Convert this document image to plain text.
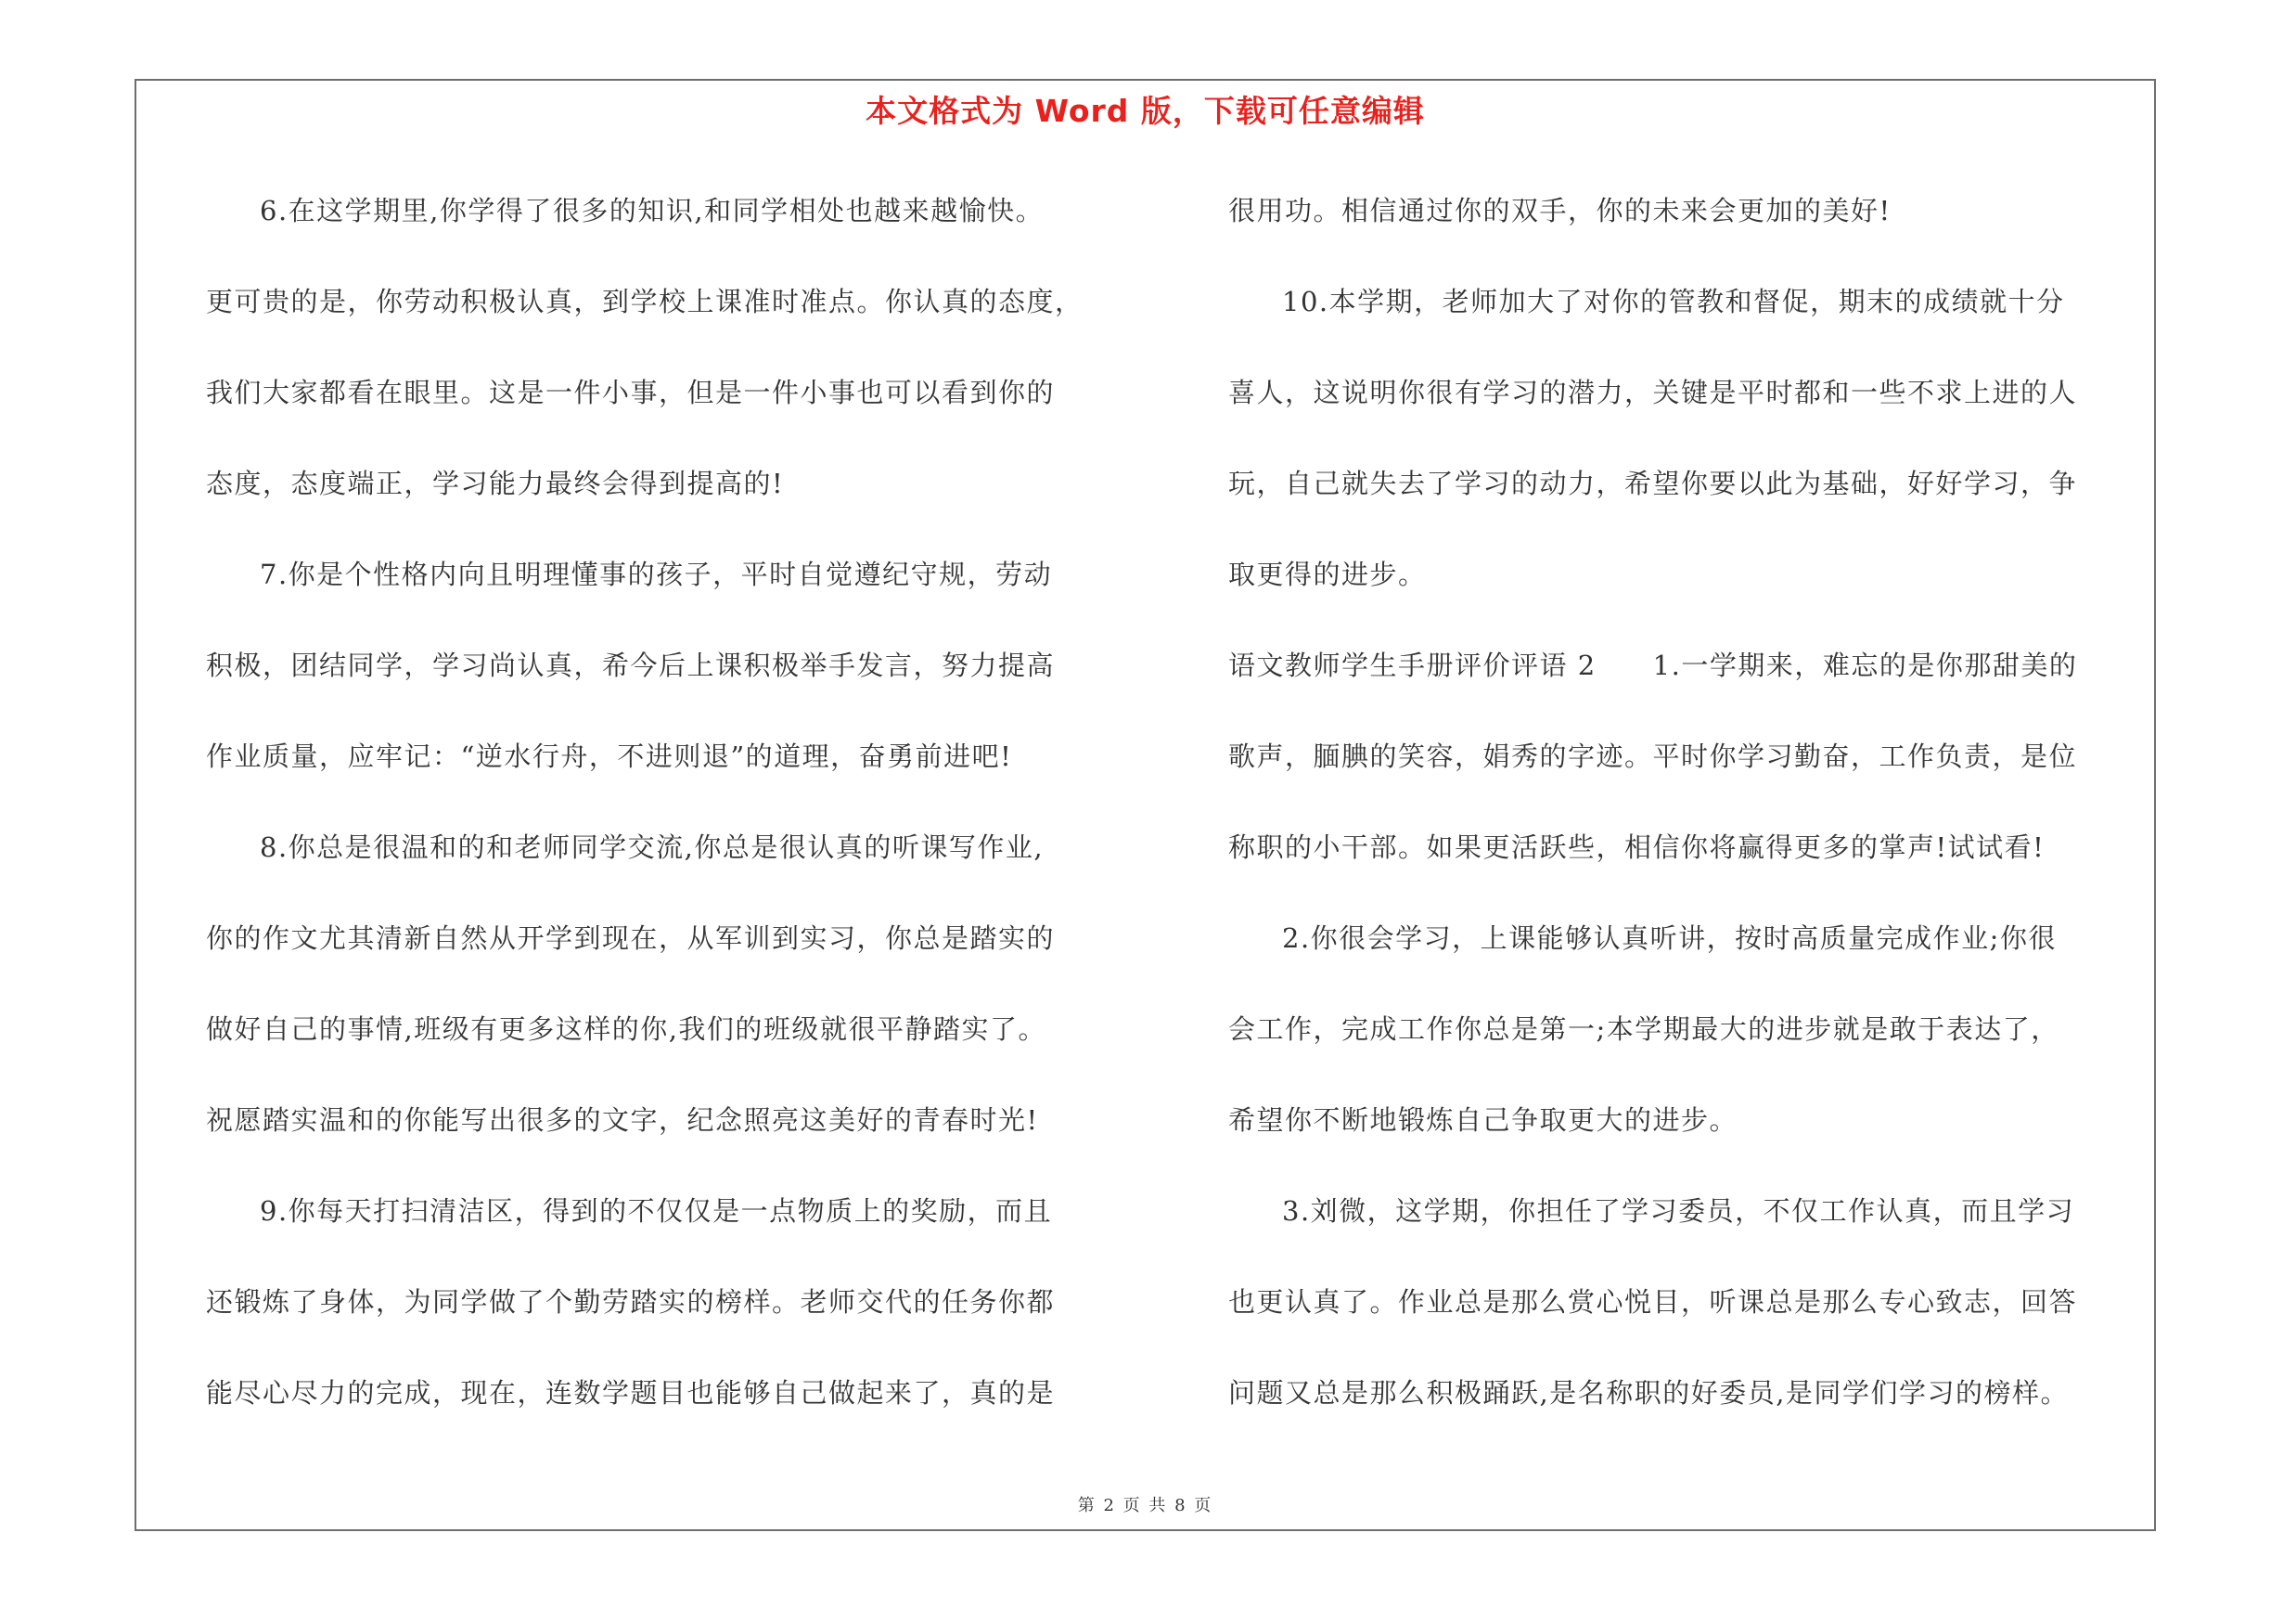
本文格式为 Word 版，下载可任意编辑
6.在这学期里,你学得了很多的知识,和同学相处也越来越愉快。
更可贵的是，你劳动积极认真，到学校上课准时准点。你认真的态度，
我们大家都看在眼里。这是一件小事，但是一件小事也可以看到你的
态度，态度端正，学习能力最终会得到提高的!
7.你是个性格内向且明理懂事的孩子，平时自觉遵纪守规，劳动
积极，团结同学，学习尚认真，希今后上课积极举手发言，努力提高
作业质量，应牢记：“逆水行舟，不进则退”的道理，奋勇前进吧!
8.你总是很温和的和老师同学交流,你总是很认真的听课写作业,
你的作文尤其清新自然从开学到现在，从军训到实习，你总是踏实的
做好自己的事情,班级有更多这样的你,我们的班级就很平静踏实了。
祝愿踏实温和的你能写出很多的文字，纪念照亮这美好的青春时光!
9.你每天打扫清洁区，得到的不仅仅是一点物质上的奖励，而且
还锻炼了身体，为同学做了个勤劳踏实的榜样。老师交代的任务你都
能尽心尽力的完成，现在，连数学题目也能够自己做起来了，真的是
很用功。相信通过你的双手，你的未来会更加的美好!
10.本学期，老师加大了对你的管教和督促，期末的成绩就十分
喜人，这说明你很有学习的潜力，关键是平时都和一些不求上进的人
玩，自己就失去了学习的动力，希望你要以此为基础，好好学习，争
取更得的进步。
语文教师学生手册评价评语 2　　1.一学期来，难忘的是你那甜美的
歌声，腼腆的笑容，娟秀的字迹。平时你学习勤奋，工作负责，是位
称职的小干部。如果更活跃些，相信你将赢得更多的掌声!试试看!
2.你很会学习，上课能够认真听讲，按时高质量完成作业;你很
会工作，完成工作你总是第一;本学期最大的进步就是敢于表达了，
希望你不断地锻炼自己争取更大的进步。
3.刘微，这学期，你担任了学习委员，不仅工作认真，而且学习
也更认真了。作业总是那么赏心悦目，听课总是那么专心致志，回答
问题又总是那么积极踊跃,是名称职的好委员,是同学们学习的榜样。
第 2 页 共 8 页
